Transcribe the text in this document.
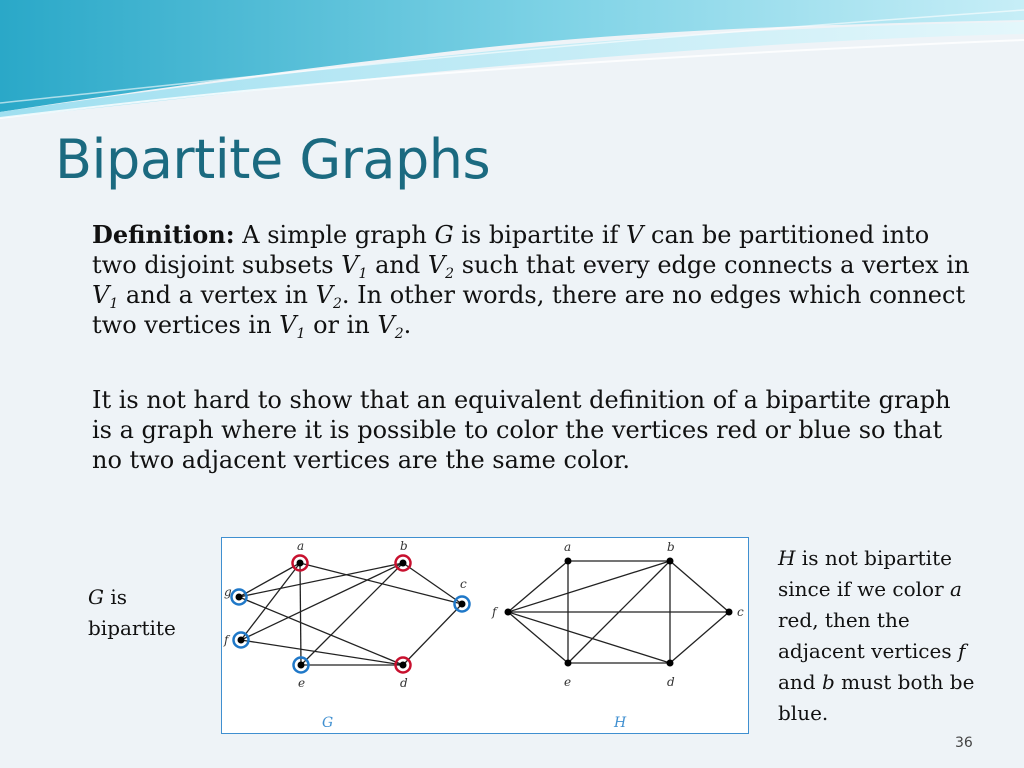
Bipartite Graphs

Definition: A simple graph G is bipartite if V can be partitioned into two disjoint subsets $V_1$ and $V_2$ such that every edge connects a vertex in $V_1$ and a vertex in $V_2$. In other words, there are no edges which connect two vertices in $V_1$ or in $V_2$.

It is not hard to show that an equivalent definition of a bipartite graph is a graph where it is possible to color the vertices red or blue so that no two adjacent vertices are the same color.

a	b
c
d
e
f
g
a	b
c
d
e
f
G	H

G is
bipartite

H is not bipartite since if we color a red, then the adjacent vertices f and b must both be blue.

36
